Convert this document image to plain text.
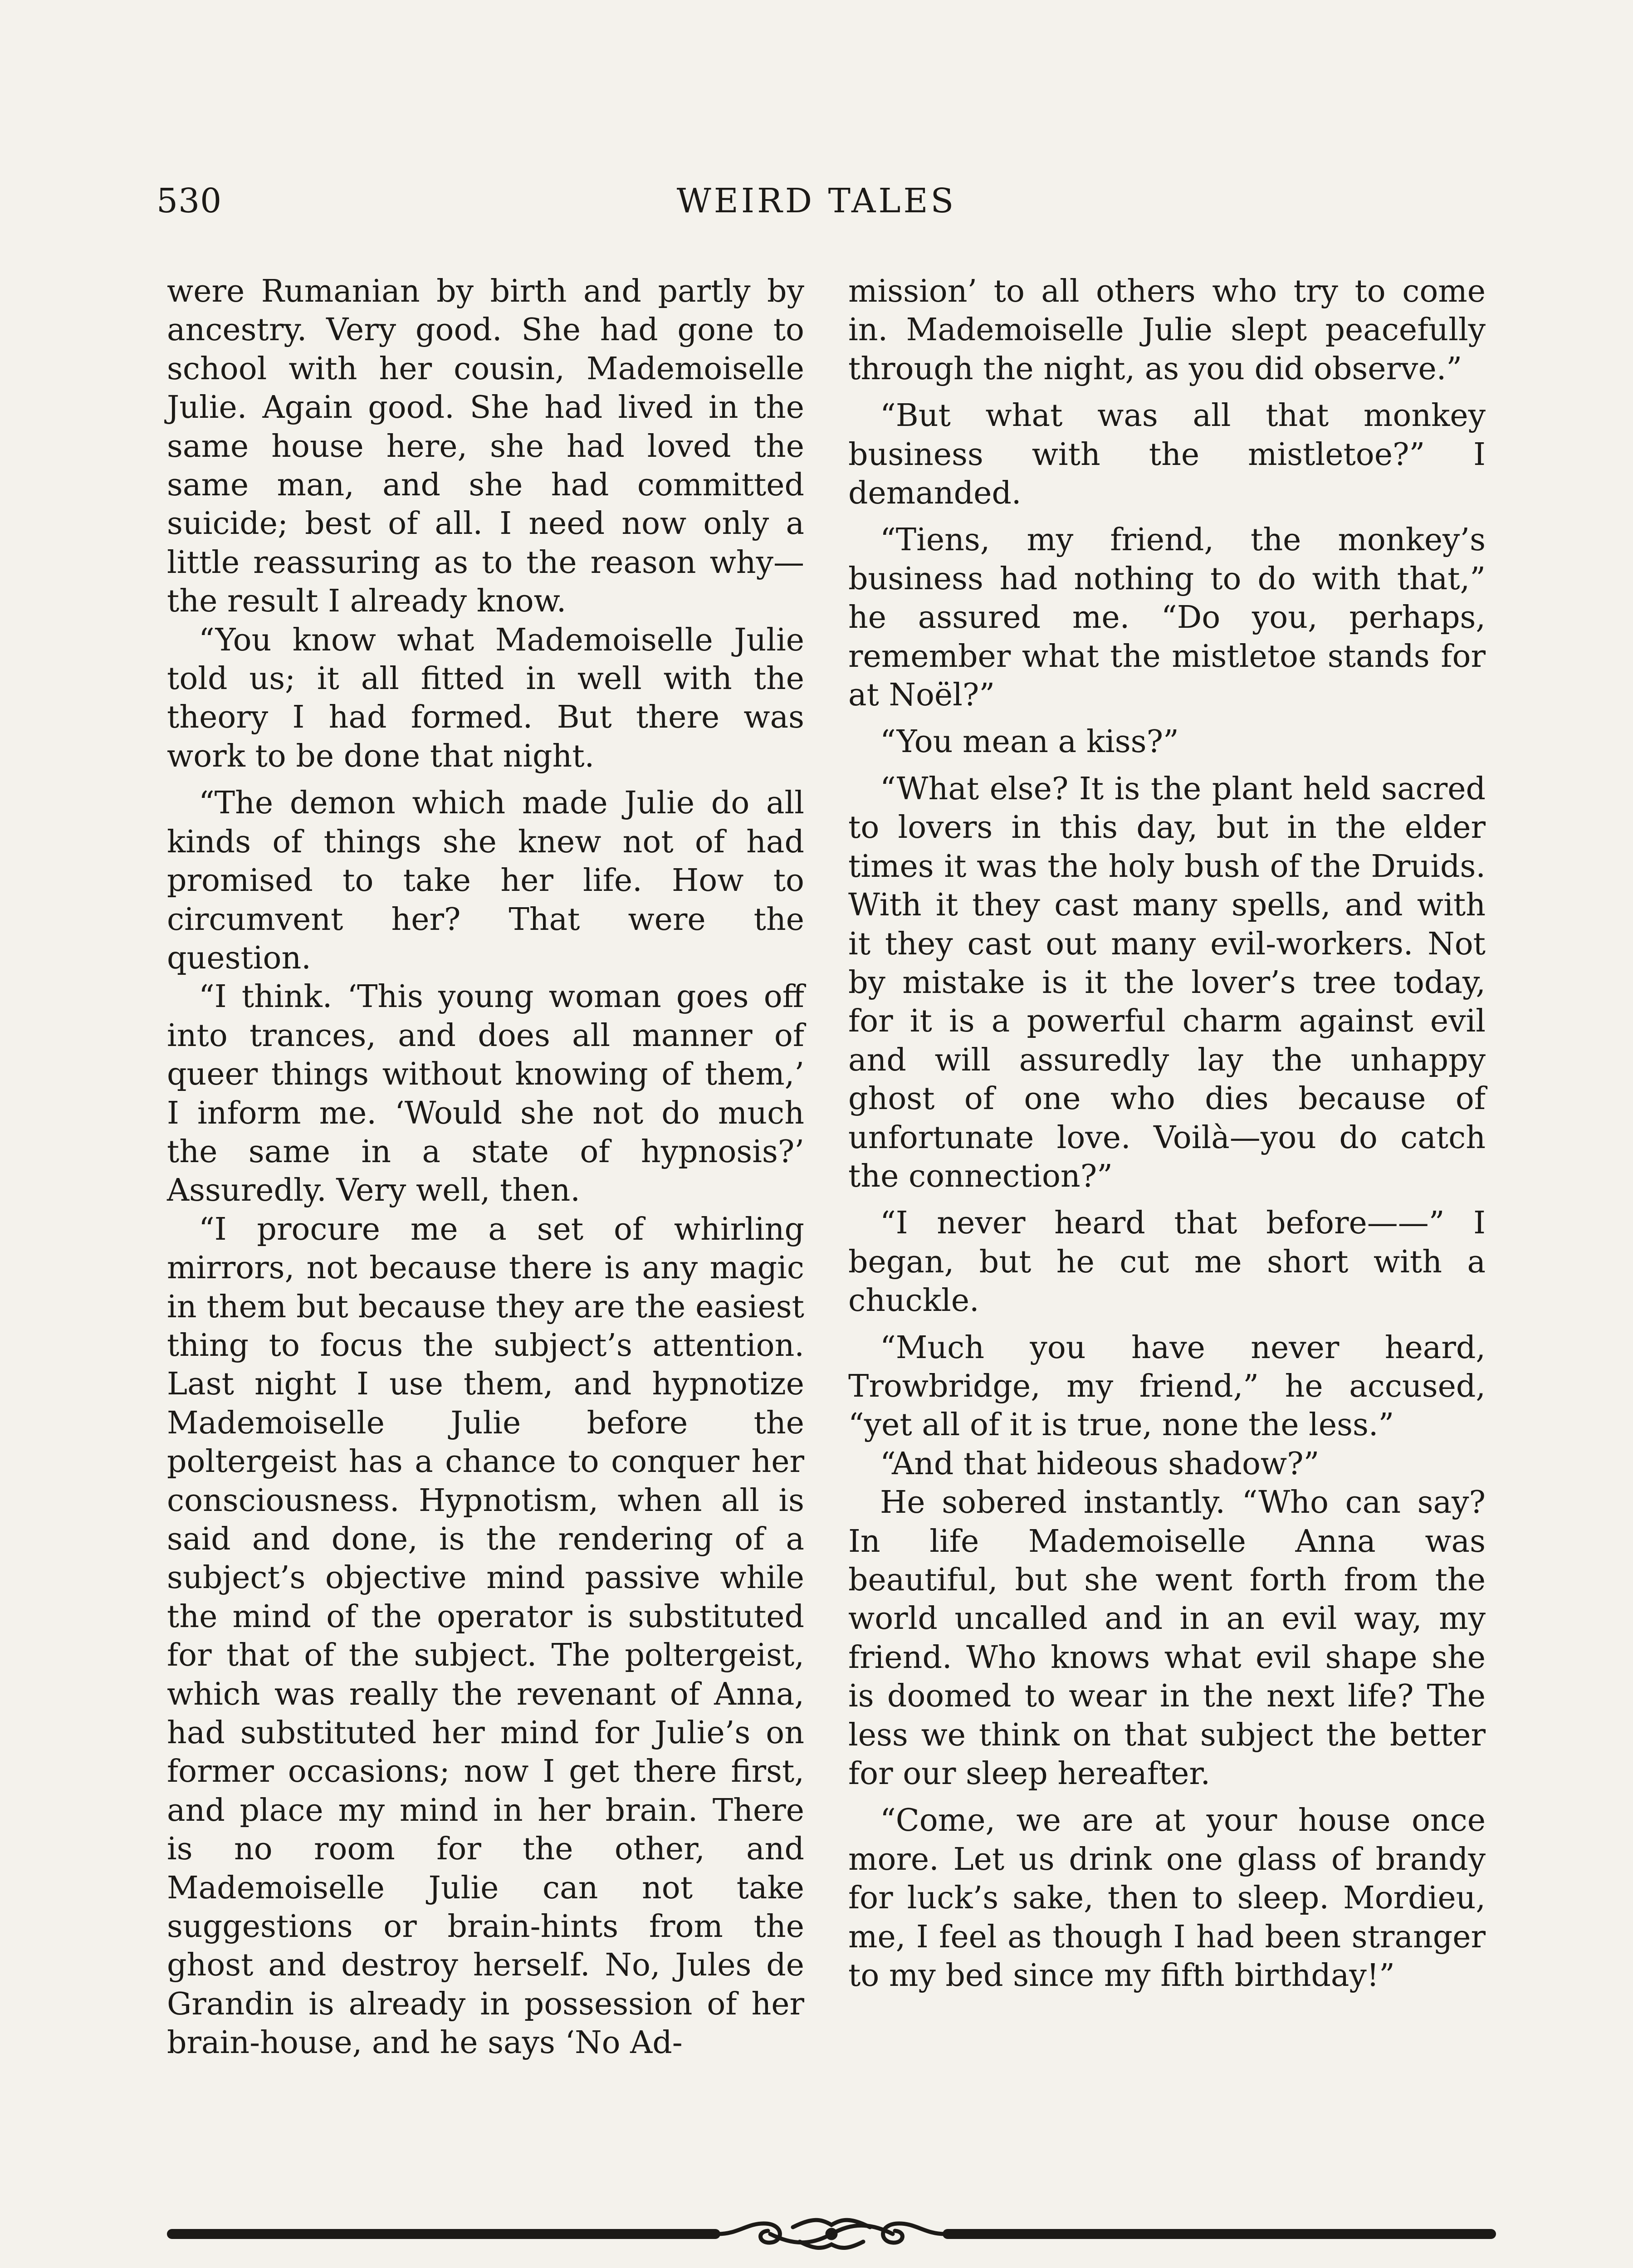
530	WEIRD TALES

were Rumanian by birth and partly by ancestry. Very good. She had gone to school with her cousin, Mademoiselle Julie. Again good. She had lived in the same house here, she had loved the same man, and she had committed suicide; best of all. I need now only a little reassuring as to the reason why—the result I already know.

“You know what Mademoiselle Julie told us; it all fitted in well with the theory I had formed. But there was work to be done that night.

“The demon which made Julie do all kinds of things she knew not of had promised to take her life. How to circumvent her? That were the question.

“I think. ‘This young woman goes off into trances, and does all manner of queer things without knowing of them,’ I inform me. ‘Would she not do much the same in a state of hypnosis?’ Assuredly. Very well, then.

“I procure me a set of whirling mirrors, not because there is any magic in them but because they are the easiest thing to focus the subject’s attention. Last night I use them, and hypnotize Mademoiselle Julie before the poltergeist has a chance to conquer her consciousness. Hypnotism, when all is said and done, is the rendering of a subject’s objective mind passive while the mind of the operator is substituted for that of the subject. The poltergeist, which was really the revenant of Anna, had substituted her mind for Julie’s on former occasions; now I get there first, and place my mind in her brain. There is no room for the other, and Mademoiselle Julie can not take suggestions or brain-hints from the ghost and destroy herself. No, Jules de Grandin is already in possession of her brain-house, and he says ‘No Ad-

mission’ to all others who try to come in. Mademoiselle Julie slept peacefully through the night, as you did observe.”

“But what was all that monkey business with the mistletoe?” I demanded.

“Tiens, my friend, the monkey’s business had nothing to do with that,” he assured me. “Do you, perhaps, remember what the mistletoe stands for at Noël?”

“You mean a kiss?”

“What else? It is the plant held sacred to lovers in this day, but in the elder times it was the holy bush of the Druids. With it they cast many spells, and with it they cast out many evil-workers. Not by mistake is it the lover’s tree today, for it is a powerful charm against evil and will assuredly lay the unhappy ghost of one who dies because of unfortunate love. Voilà—you do catch the connection?”

“I never heard that before——” I began, but he cut me short with a chuckle.

“Much you have never heard, Trowbridge, my friend,” he accused, “yet all of it is true, none the less.”

“And that hideous shadow?”

He sobered instantly. “Who can say? In life Mademoiselle Anna was beautiful, but she went forth from the world uncalled and in an evil way, my friend. Who knows what evil shape she is doomed to wear in the next life? The less we think on that subject the better for our sleep hereafter.

“Come, we are at your house once more. Let us drink one glass of brandy for luck’s sake, then to sleep. Mordieu, me, I feel as though I had been stranger to my bed since my fifth birthday!”
